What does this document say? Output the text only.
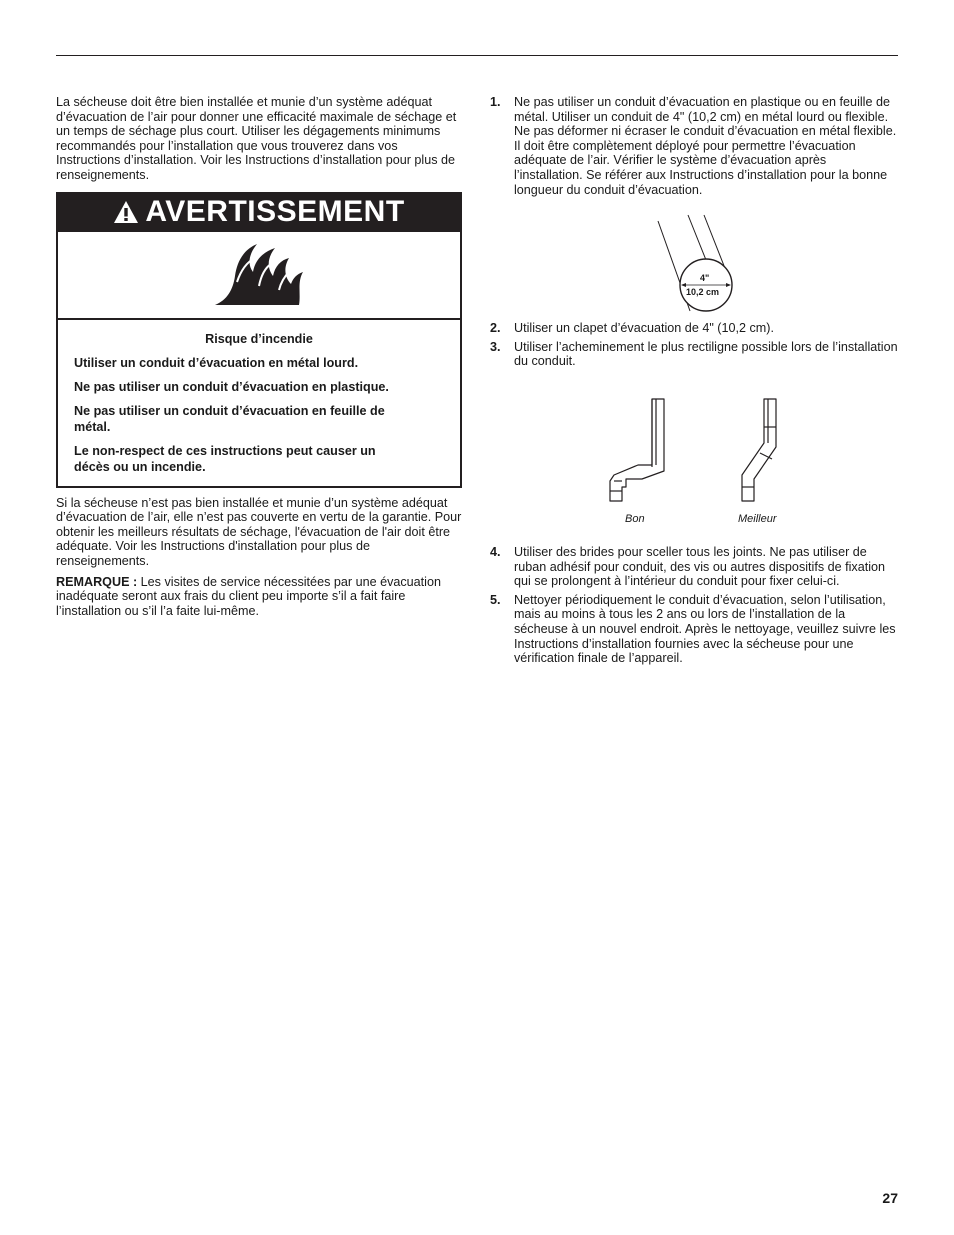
La sécheuse doit être bien installée et munie d’un système adéquat d’évacuation de l’air pour donner une efficacité maximale de séchage et un temps de séchage plus court. Utiliser les dégagements minimums recommandés pour l’installation que vous trouverez dans vos Instructions d’installation. Voir les Instructions d’installation pour plus de renseignements.

AVERTISSEMENT

Risque d’incendie

Utiliser un conduit d’évacuation en métal lourd.

Ne pas utiliser un conduit d’évacuation en plastique.

Ne pas utiliser un conduit d’évacuation en feuille de métal.

Le non-respect de ces instructions peut causer un décès ou un incendie.

Si la sécheuse n’est pas bien installée et munie d’un système adéquat d’évacuation de l’air, elle n’est pas couverte en vertu de la garantie. Pour obtenir les meilleurs résultats de séchage, l'évacuation de l'air doit être adéquate. Voir les Instructions d'installation pour plus de renseignements.

REMARQUE : Les visites de service nécessitées par une évacuation inadéquate seront aux frais du client peu importe s’il a fait faire l’installation ou s’il l’a faite lui-même.

1. Ne pas utiliser un conduit d’évacuation en plastique ou en feuille de métal. Utiliser un conduit de 4" (10,2 cm) en métal lourd ou flexible. Ne pas déformer ni écraser le conduit d’évacuation en métal flexible. Il doit être complètement déployé pour permettre l’évacuation adéquate de l’air. Vérifier le système d’évacuation après l’installation. Se référer aux Instructions d’installation pour la bonne longueur du conduit d’évacuation.
4"
10,2 cm
2. Utiliser un clapet d’évacuation de 4" (10,2 cm).
3. Utiliser l’acheminement le plus rectiligne possible lors de l’installation du conduit.
Bon	Meilleur
4. Utiliser des brides pour sceller tous les joints. Ne pas utiliser de ruban adhésif pour conduit, des vis ou autres dispositifs de fixation qui se prolongent à l’intérieur du conduit pour fixer celui-ci.
5. Nettoyer périodiquement le conduit d’évacuation, selon l’utilisation, mais au moins à tous les 2 ans ou lors de l’installation de la sécheuse à un nouvel endroit. Après le nettoyage, veuillez suivre les Instructions d’installation fournies avec la sécheuse pour une vérification finale de l’appareil.
27
